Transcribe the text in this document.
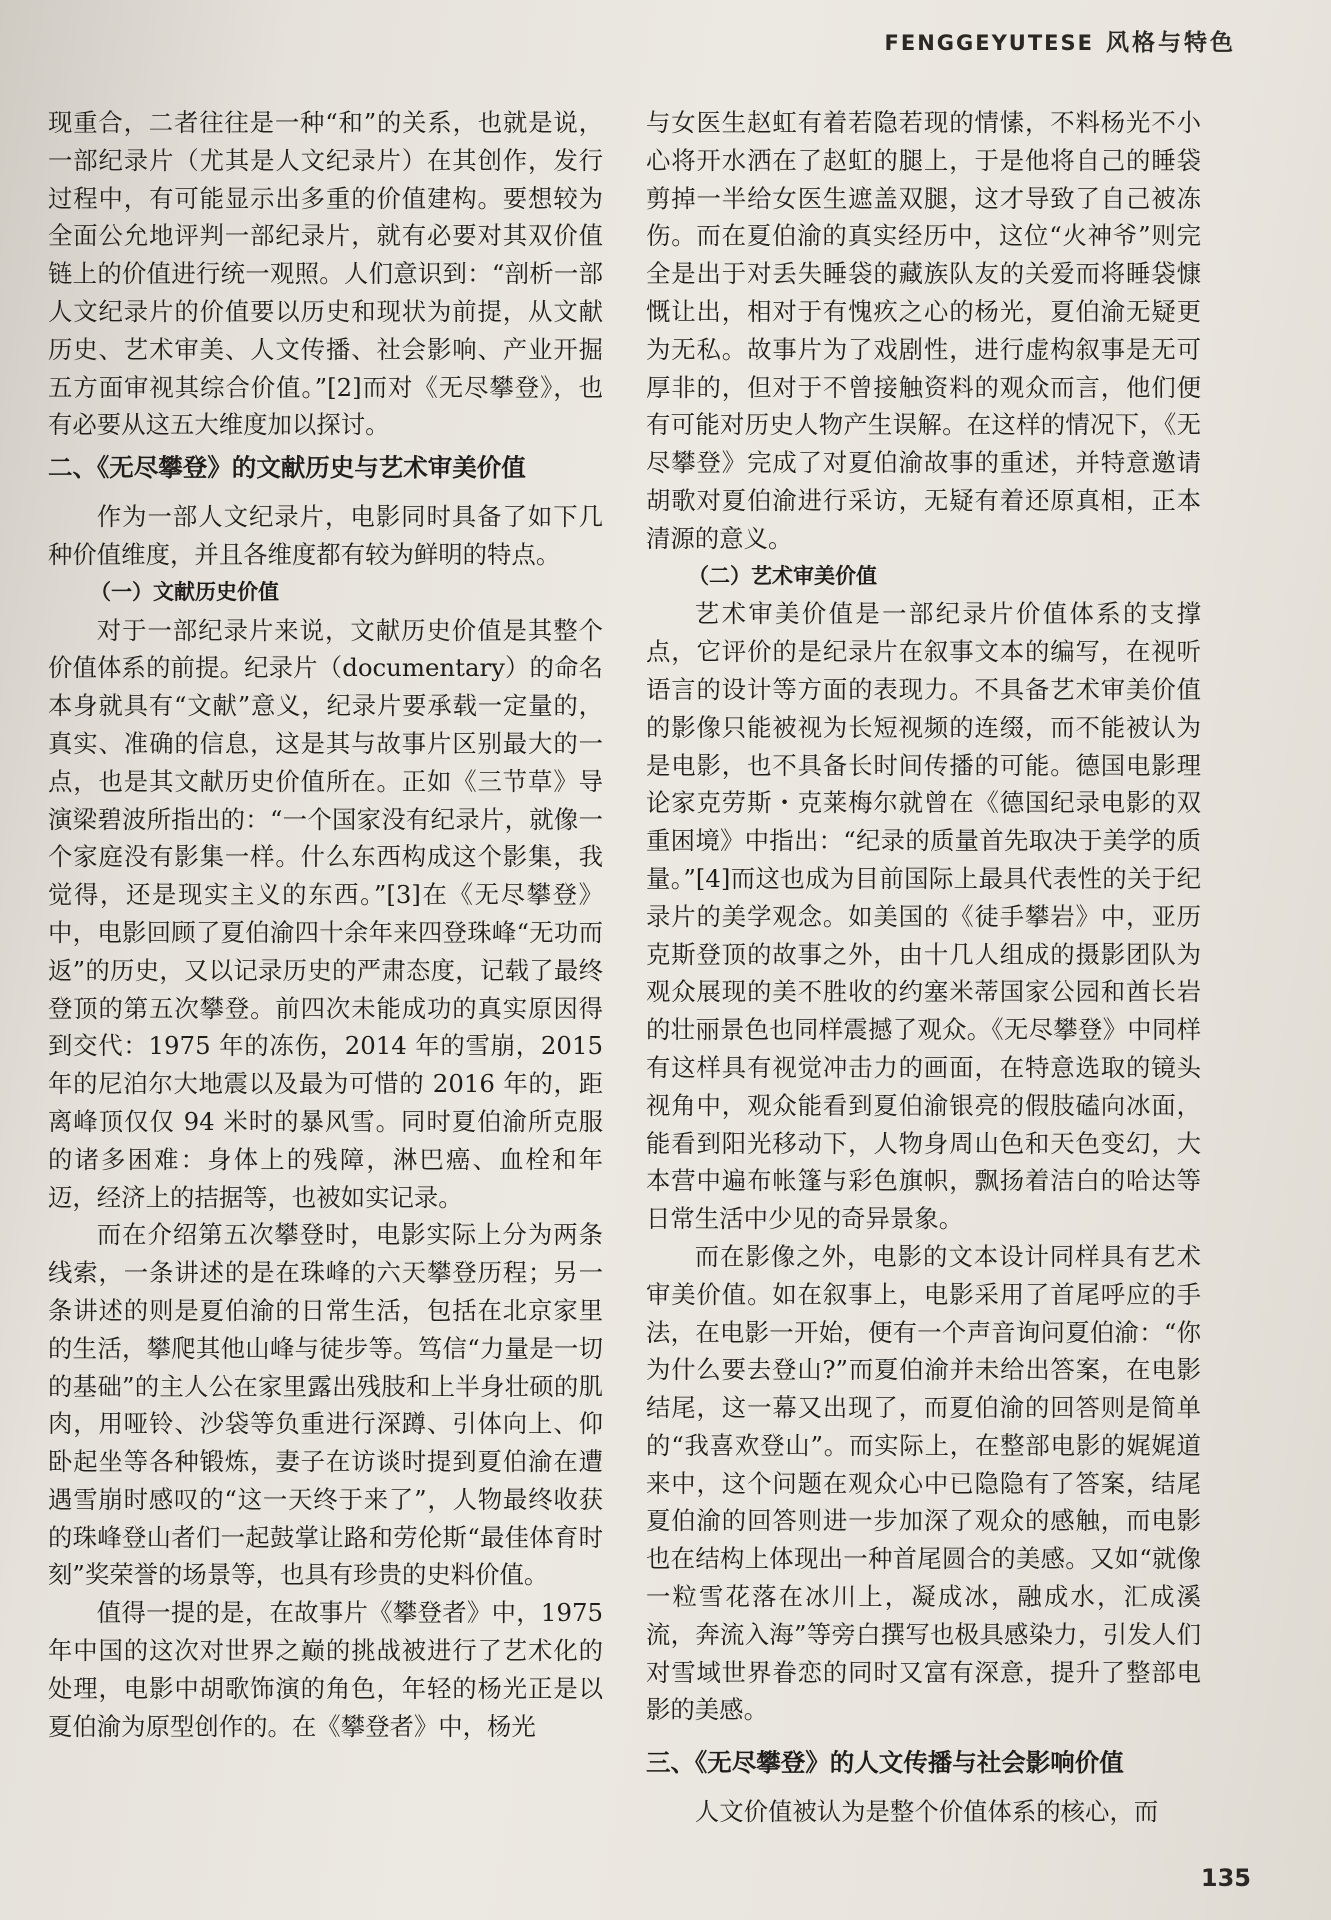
FENGGEYUTESE 风格与特色

现重合，二者往往是一种“和”的关系，也就是说，一部纪录片（尤其是人文纪录片）在其创作，发行过程中，有可能显示出多重的价值建构。要想较为全面公允地评判一部纪录片，就有必要对其双价值链上的价值进行统一观照。人们意识到：“剖析一部人文纪录片的价值要以历史和现状为前提，从文献历史、艺术审美、人文传播、社会影响、产业开掘五方面审视其综合价值。”[2]而对《无尽攀登》，也有必要从这五大维度加以探讨。

二、《无尽攀登》的文献历史与艺术审美价值

作为一部人文纪录片，电影同时具备了如下几种价值维度，并且各维度都有较为鲜明的特点。

（一）文献历史价值

对于一部纪录片来说，文献历史价值是其整个价值体系的前提。纪录片（documentary）的命名本身就具有“文献”意义，纪录片要承载一定量的，真实、准确的信息，这是其与故事片区别最大的一点，也是其文献历史价值所在。正如《三节草》导演梁碧波所指出的：“一个国家没有纪录片，就像一个家庭没有影集一样。什么东西构成这个影集，我觉得，还是现实主义的东西。”[3]在《无尽攀登》中，电影回顾了夏伯渝四十余年来四登珠峰“无功而返”的历史，又以记录历史的严肃态度，记载了最终登顶的第五次攀登。前四次未能成功的真实原因得到交代：1975 年的冻伤，2014 年的雪崩，2015 年的尼泊尔大地震以及最为可惜的 2016 年的，距离峰顶仅仅 94 米时的暴风雪。同时夏伯渝所克服的诸多困难：身体上的残障，淋巴癌、血栓和年迈，经济上的拮据等，也被如实记录。

而在介绍第五次攀登时，电影实际上分为两条线索，一条讲述的是在珠峰的六天攀登历程；另一条讲述的则是夏伯渝的日常生活，包括在北京家里的生活，攀爬其他山峰与徒步等。笃信“力量是一切的基础”的主人公在家里露出残肢和上半身壮硕的肌肉，用哑铃、沙袋等负重进行深蹲、引体向上、仰卧起坐等各种锻炼，妻子在访谈时提到夏伯渝在遭遇雪崩时感叹的“这一天终于来了”，人物最终收获的珠峰登山者们一起鼓掌让路和劳伦斯“最佳体育时刻”奖荣誉的场景等，也具有珍贵的史料价值。

值得一提的是，在故事片《攀登者》中，1975 年中国的这次对世界之巅的挑战被进行了艺术化的处理，电影中胡歌饰演的角色，年轻的杨光正是以夏伯渝为原型创作的。在《攀登者》中，杨光

与女医生赵虹有着若隐若现的情愫，不料杨光不小心将开水洒在了赵虹的腿上，于是他将自己的睡袋剪掉一半给女医生遮盖双腿，这才导致了自己被冻伤。而在夏伯渝的真实经历中，这位“火神爷”则完全是出于对丢失睡袋的藏族队友的关爱而将睡袋慷慨让出，相对于有愧疚之心的杨光，夏伯渝无疑更为无私。故事片为了戏剧性，进行虚构叙事是无可厚非的，但对于不曾接触资料的观众而言，他们便有可能对历史人物产生误解。在这样的情况下，《无尽攀登》完成了对夏伯渝故事的重述，并特意邀请胡歌对夏伯渝进行采访，无疑有着还原真相，正本清源的意义。

（二）艺术审美价值

艺术审美价值是一部纪录片价值体系的支撑点，它评价的是纪录片在叙事文本的编写，在视听语言的设计等方面的表现力。不具备艺术审美价值的影像只能被视为长短视频的连缀，而不能被认为是电影，也不具备长时间传播的可能。德国电影理论家克劳斯・克莱梅尔就曾在《德国纪录电影的双重困境》中指出：“纪录的质量首先取决于美学的质量。”[4]而这也成为目前国际上最具代表性的关于纪录片的美学观念。如美国的《徒手攀岩》中，亚历克斯登顶的故事之外，由十几人组成的摄影团队为观众展现的美不胜收的约塞米蒂国家公园和酋长岩的壮丽景色也同样震撼了观众。《无尽攀登》中同样有这样具有视觉冲击力的画面，在特意选取的镜头视角中，观众能看到夏伯渝银亮的假肢磕向冰面，能看到阳光移动下，人物身周山色和天色变幻，大本营中遍布帐篷与彩色旗帜，飘扬着洁白的哈达等日常生活中少见的奇异景象。

而在影像之外，电影的文本设计同样具有艺术审美价值。如在叙事上，电影采用了首尾呼应的手法，在电影一开始，便有一个声音询问夏伯渝：“你为什么要去登山?”而夏伯渝并未给出答案，在电影结尾，这一幕又出现了，而夏伯渝的回答则是简单的“我喜欢登山”。而实际上，在整部电影的娓娓道来中，这个问题在观众心中已隐隐有了答案，结尾夏伯渝的回答则进一步加深了观众的感触，而电影也在结构上体现出一种首尾圆合的美感。又如“就像一粒雪花落在冰川上，凝成冰，融成水，汇成溪流，奔流入海”等旁白撰写也极具感染力，引发人们对雪域世界眷恋的同时又富有深意，提升了整部电影的美感。

三、《无尽攀登》的人文传播与社会影响价值

人文价值被认为是整个价值体系的核心，而

135
